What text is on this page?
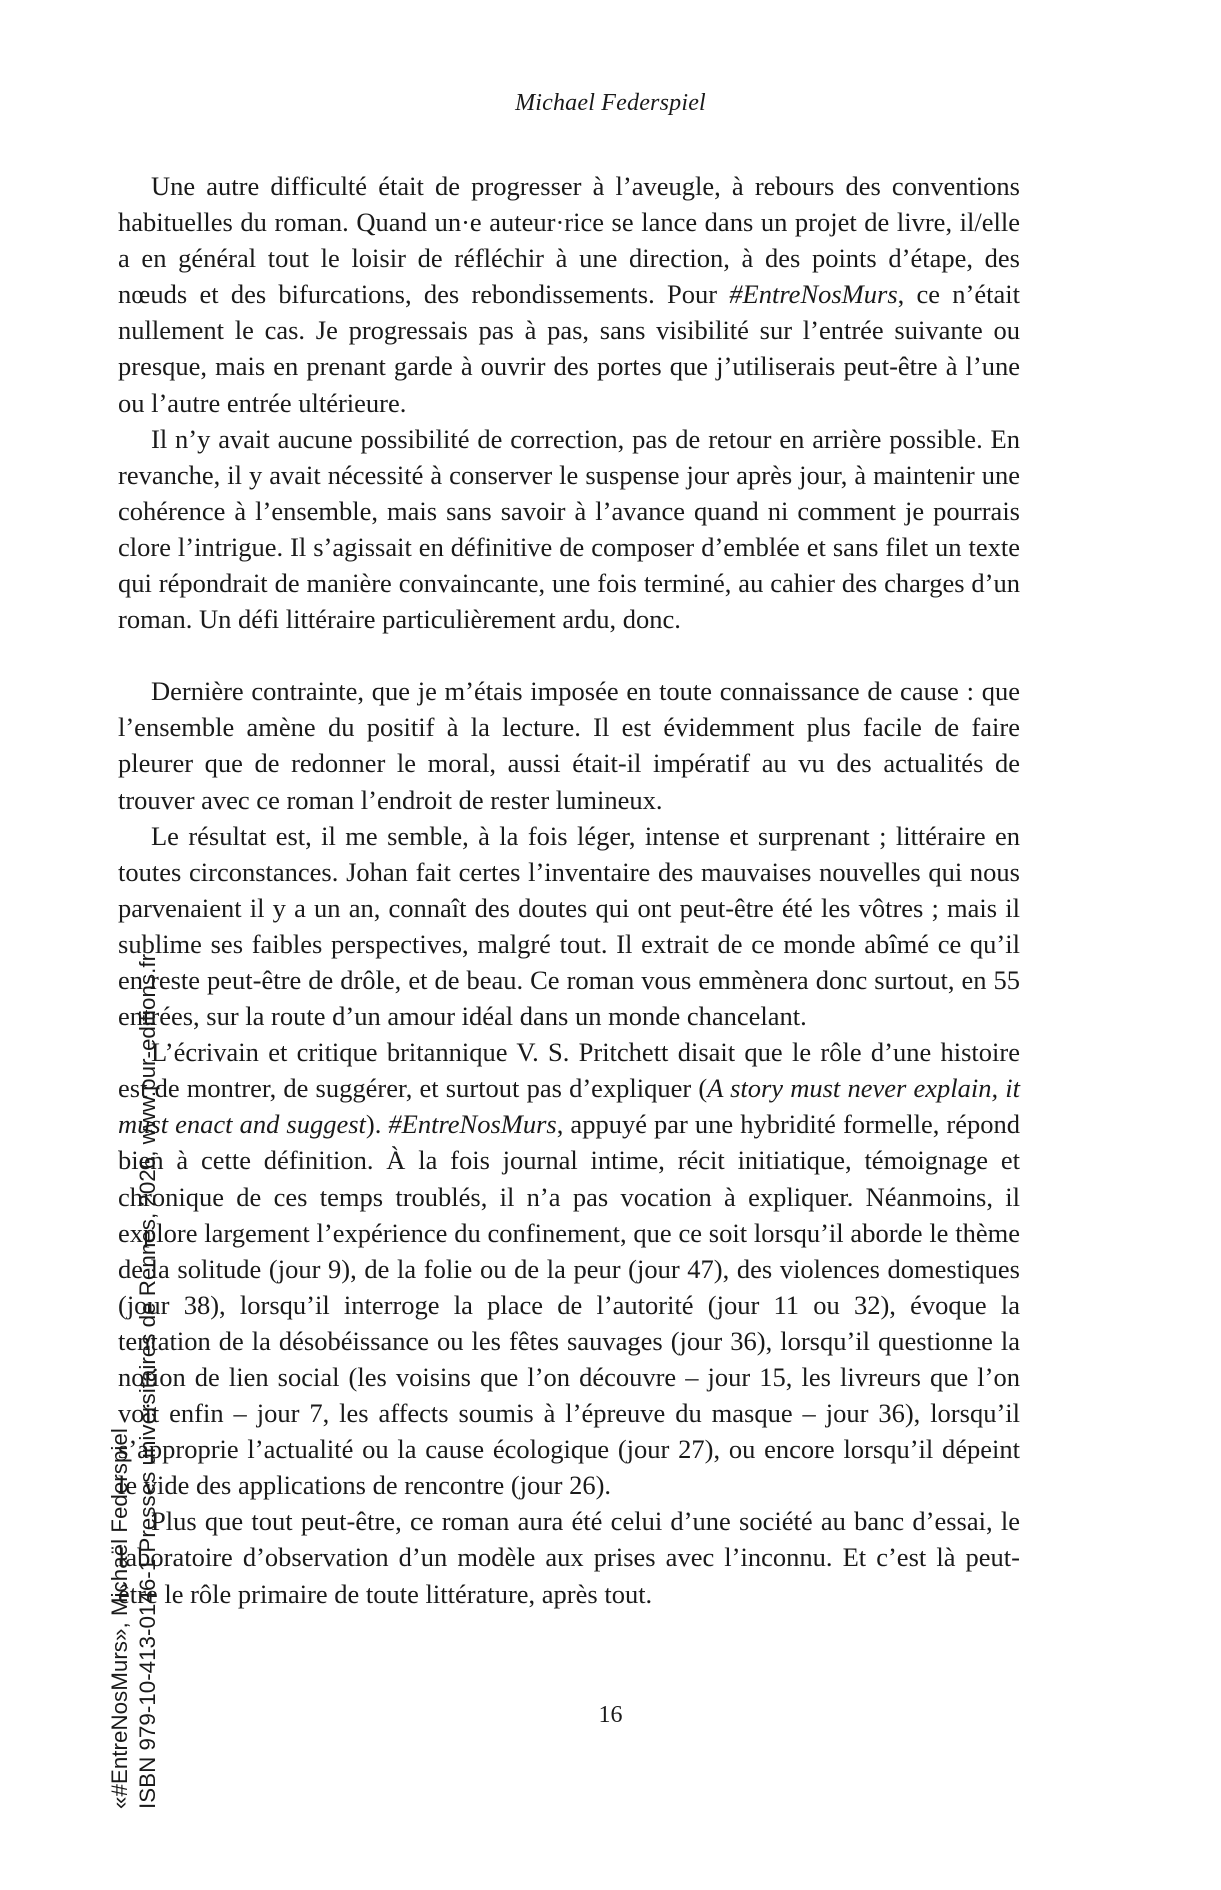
Michael Federspiel

Une autre difficulté était de progresser à l’aveugle, à rebours des conventions habituelles du roman. Quand un·e auteur·rice se lance dans un projet de livre, il/elle a en général tout le loisir de réfléchir à une direction, à des points d’étape, des nœuds et des bifurcations, des rebondissements. Pour #EntreNosMurs, ce n’était nullement le cas. Je progressais pas à pas, sans visibilité sur l’entrée suivante ou presque, mais en prenant garde à ouvrir des portes que j’utiliserais peut-être à l’une ou l’autre entrée ultérieure.

Il n’y avait aucune possibilité de correction, pas de retour en arrière possible. En revanche, il y avait nécessité à conserver le suspense jour après jour, à maintenir une cohérence à l’ensemble, mais sans savoir à l’avance quand ni comment je pourrais clore l’intrigue. Il s’agissait en définitive de composer d’emblée et sans filet un texte qui répondrait de manière convaincante, une fois terminé, au cahier des charges d’un roman. Un défi littéraire particulièrement ardu, donc.

Dernière contrainte, que je m’étais imposée en toute connaissance de cause : que l’ensemble amène du positif à la lecture. Il est évidemment plus facile de faire pleurer que de redonner le moral, aussi était-il impératif au vu des actualités de trouver avec ce roman l’endroit de rester lumineux.

Le résultat est, il me semble, à la fois léger, intense et surprenant ; littéraire en toutes circonstances. Johan fait certes l’inventaire des mauvaises nouvelles qui nous parvenaient il y a un an, connaît des doutes qui ont peut-être été les vôtres ; mais il sublime ses faibles perspectives, malgré tout. Il extrait de ce monde abîmé ce qu’il en reste peut-être de drôle, et de beau. Ce roman vous emmènera donc surtout, en 55 entrées, sur la route d’un amour idéal dans un monde chancelant.

L’écrivain et critique britannique V. S. Pritchett disait que le rôle d’une histoire est de montrer, de suggérer, et surtout pas d’expliquer (A story must never explain, it must enact and suggest). #EntreNosMurs, appuyé par une hybridité formelle, répond bien à cette définition. À la fois journal intime, récit initiatique, témoignage et chronique de ces temps troublés, il n’a pas vocation à expliquer. Néanmoins, il explore largement l’expérience du confinement, que ce soit lorsqu’il aborde le thème de la solitude (jour 9), de la folie ou de la peur (jour 47), des violences domestiques (jour 38), lorsqu’il interroge la place de l’autorité (jour 11 ou 32), évoque la tentation de la désobéissance ou les fêtes sauvages (jour 36), lorsqu’il questionne la notion de lien social (les voisins que l’on découvre – jour 15, les livreurs que l’on voit enfin – jour 7, les affects soumis à l’épreuve du masque – jour 36), lorsqu’il s’approprie l’actualité ou la cause écologique (jour 27), ou encore lorsqu’il dépeint le vide des applications de rencontre (jour 26).

Plus que tout peut-être, ce roman aura été celui d’une société au banc d’essai, le laboratoire d’observation d’un modèle aux prises avec l’inconnu. Et c’est là peut-être le rôle primaire de toute littérature, après tout.

16
«#EntreNosMurs», Michaël Federspiel ISBN 979-10-413-0146-1 Presses universitaires de Rennes, 2026, www.pur-editions.fr
